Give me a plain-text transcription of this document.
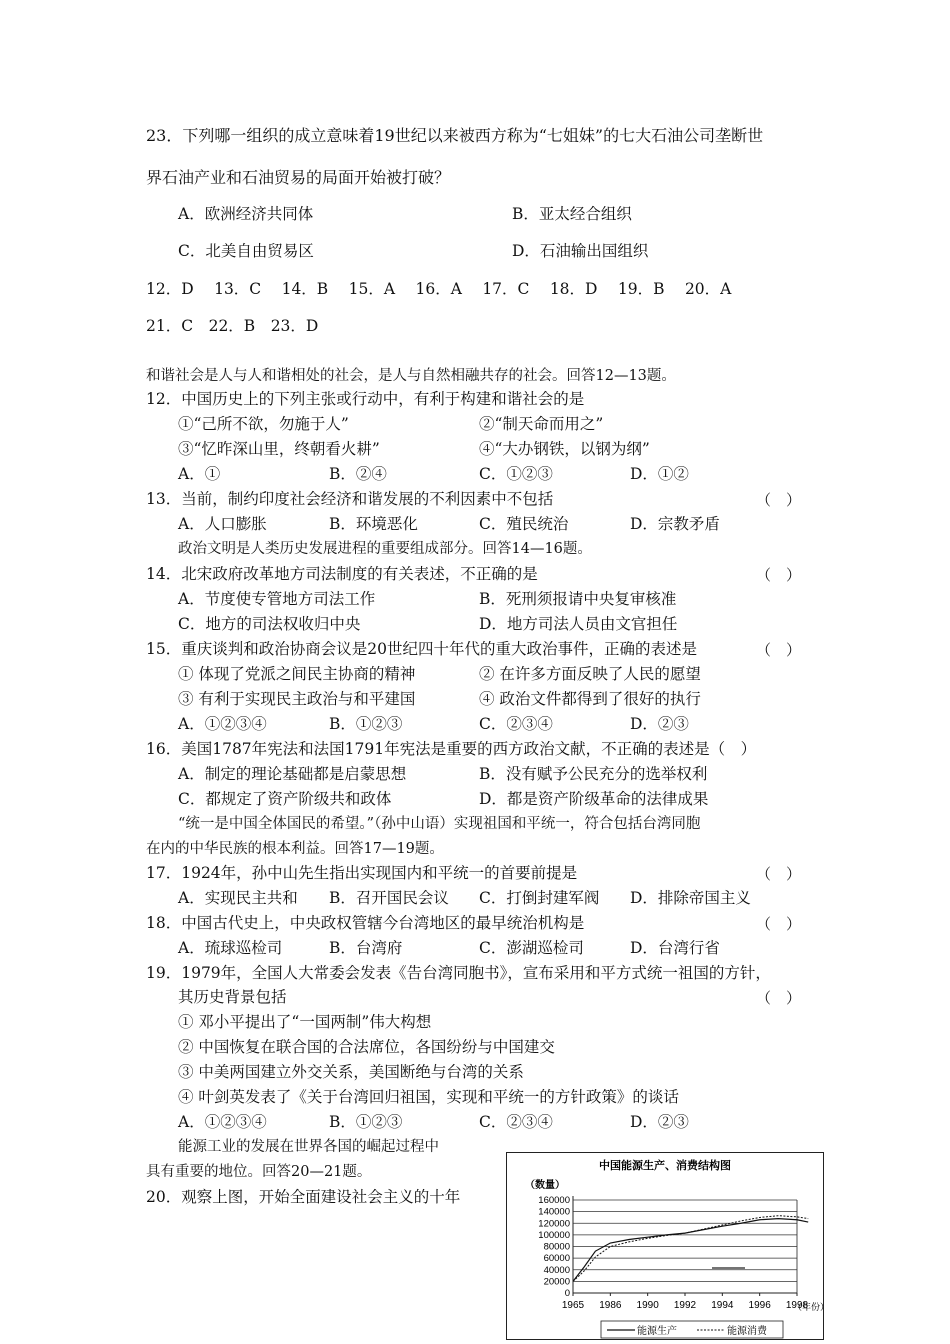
23．下列哪一组织的成立意味着19世纪以来被西方称为“七姐妹”的七大石油公司垄断世
界石油产业和石油贸易的局面开始被打破？
A．欧洲经济共同体	B．亚太经合组织
C．北美自由贸易区	D．石油输出国组织
12．D　 13．C　 14．B　 15．A　 16．A　 17．C　 18．D　 19．B　 20．A
21．C　22．B　23．D
和谐社会是人与人和谐相处的社会，是人与自然相融共存的社会。回答12—13题。
12．中国历史上的下列主张或行动中，有利于构建和谐社会的是
①“己所不欲，勿施于人”	②“制天命而用之”
③“忆昨深山里，终朝看火耕”	④“大办钢铁，以钢为纲”
A．①	B．②④	C．①②③	D．①②
13．当前，制约印度社会经济和谐发展的不利因素中不包括	（　）
A．人口膨胀	B．环境恶化	C．殖民统治	D．宗教矛盾
政治文明是人类历史发展进程的重要组成部分。回答14—16题。
14．北宋政府改革地方司法制度的有关表述，不正确的是	（　）
A．节度使专管地方司法工作	B．死刑须报请中央复审核准
C．地方的司法权收归中央	D．地方司法人员由文官担任
15．重庆谈判和政治协商会议是20世纪四十年代的重大政治事件，正确的表述是	（　）
① 体现了党派之间民主协商的精神	② 在许多方面反映了人民的愿望
③ 有利于实现民主政治与和平建国	④ 政治文件都得到了很好的执行
A．①②③④	B．①②③	C．②③④	D．②③
16．美国1787年宪法和法国1791年宪法是重要的西方政治文献，不正确的表述是（　）
A．制定的理论基础都是启蒙思想	B．没有赋予公民充分的选举权利
C．都规定了资产阶级共和政体	D．都是资产阶级革命的法律成果
“统一是中国全体国民的希望。”（孙中山语）实现祖国和平统一，符合包括台湾同胞
在内的中华民族的根本利益。回答17—19题。
17．1924年，孙中山先生指出实现国内和平统一的首要前提是	（　）
A．实现民主共和 B．召开国民会议 C．打倒封建军阀 D．排除帝国主义
18．中国古代史上，中央政权管辖今台湾地区的最早统治机构是	（　）
A．琉球巡检司	B．台湾府	C．澎湖巡检司	D．台湾行省
19．1979年，全国人大常委会发表《告台湾同胞书》，宣布采用和平方式统一祖国的方针，
其历史背景包括	（　）
① 邓小平提出了“一国两制”伟大构想
② 中国恢复在联合国的合法席位，各国纷纷与中国建交
③ 中美两国建立外交关系，美国断绝与台湾的关系
④ 叶剑英发表了《关于台湾回归祖国，实现和平统一的方针政策》的谈话
A．①②③④	B．①②③	C．②③④	D．②③
能源工业的发展在世界各国的崛起过程中
具有重要的地位。回答20—21题。
20．观察上图，开始全面建设社会主义的十年
中国能源生产、消费结构图
（数量）
160000
140000
120000
100000
80000
60000
40000
20000
0
1965 1986 1990 1992 1994 1996 1998
（年份
能源生产	能源消费
